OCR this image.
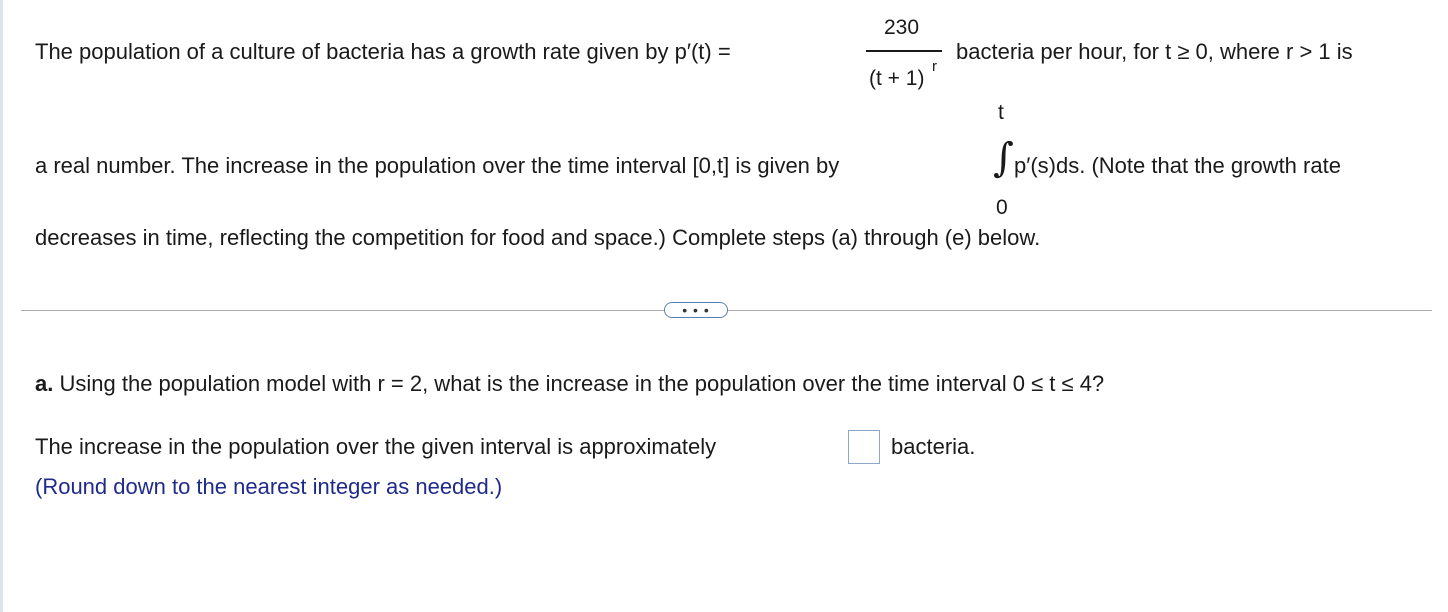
The population of a culture of bacteria has a growth rate given by p′(t) =
230
(t + 1)
r
bacteria per hour, for t ≥ 0, where r > 1 is
t
∫
0
a real number. The increase in the population over the time interval [0,t] is given by	p′(s)ds. (Note that the growth rate
decreases in time, reflecting the competition for food and space.) Complete steps (a) through (e) below.
• • •
a. Using the population model with r = 2, what is the increase in the population over the time interval 0 ≤ t ≤ 4?
The increase in the population over the given interval is approximately	bacteria.
(Round down to the nearest integer as needed.)
